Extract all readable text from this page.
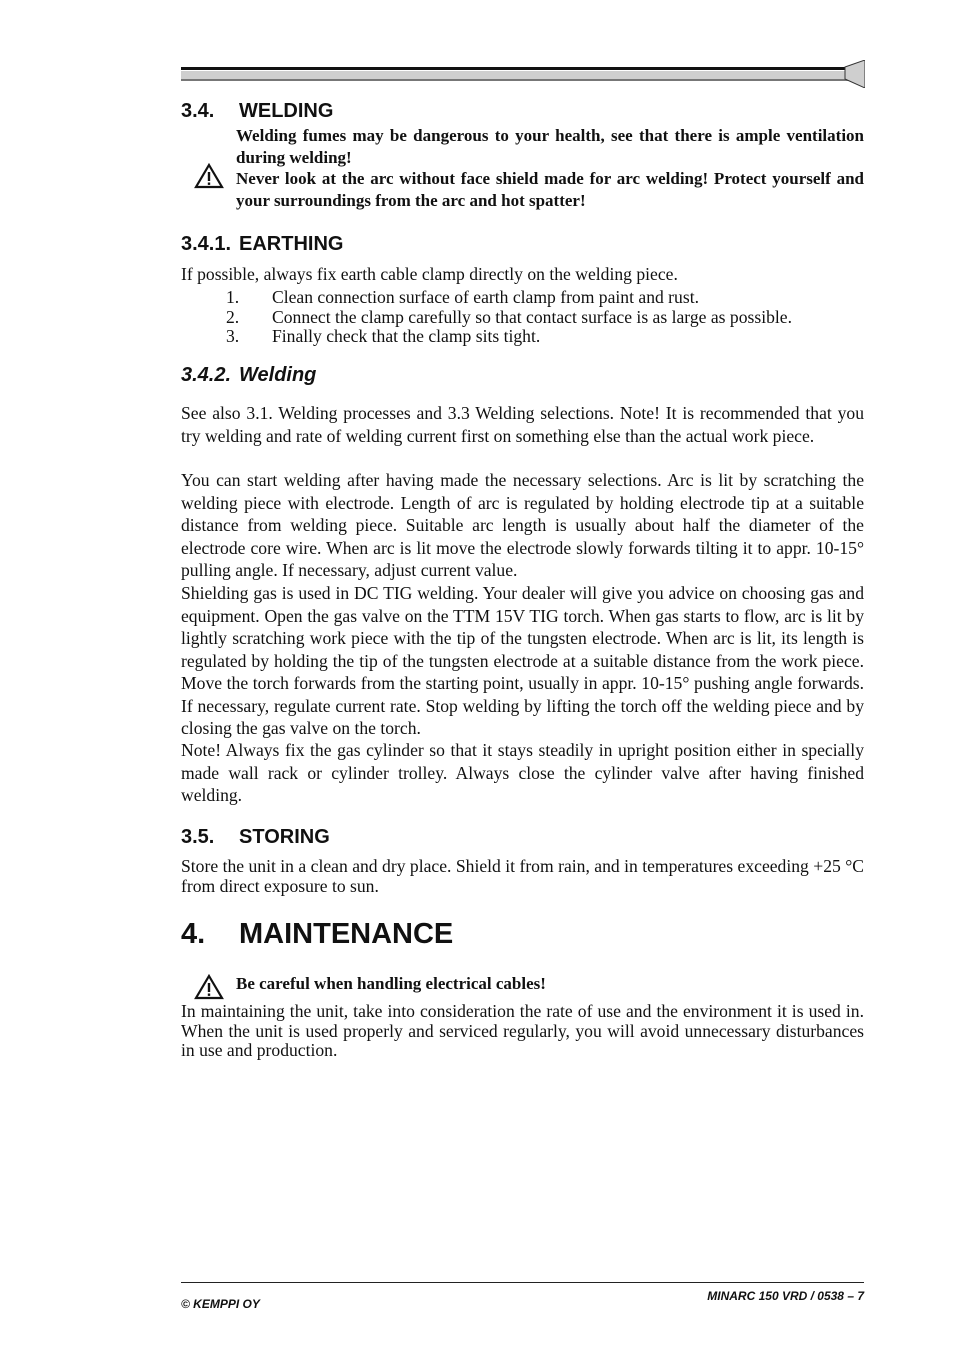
3.4. WELDING

Welding fumes may be dangerous to your health, see that there is ample ventilation during welding!

Never look at the arc without face shield made for arc welding! Protect yourself and your surroundings from the arc and hot spatter!

3.4.1. EARTHING

If possible, always fix earth cable clamp directly on the welding piece.

1. Clean connection surface of earth clamp from paint and rust.
2. Connect the clamp carefully so that contact surface is as large as possible.
3. Finally check that the clamp sits tight.
3.4.2. Welding

See also 3.1. Welding processes and 3.3 Welding selections. Note! It is recommended that you try welding and rate of welding current first on something else than the actual work piece.

You can start welding after having made the necessary selections. Arc is lit by scratching the welding piece with electrode. Length of arc is regulated by holding electrode tip at a suitable distance from welding piece. Suitable arc length is usually about half the diameter of the electrode core wire. When arc is lit move the electrode slowly forwards tilting it to appr. 10-15° pulling angle. If necessary, adjust current value.

Shielding gas is used in DC TIG welding. Your dealer will give you advice on choosing gas and equipment. Open the gas valve on the TTM 15V TIG torch. When gas starts to flow, arc is lit by lightly scratching work piece with the tip of the tungsten electrode. When arc is lit, its length is regulated by holding the tip of the tungsten electrode at a suitable distance from the work piece. Move the torch forwards from the starting point, usually in appr. 10-15° pushing angle forwards. If necessary, regulate current rate. Stop welding by lifting the torch off the welding piece and by closing the gas valve on the torch.

Note! Always fix the gas cylinder so that it stays steadily in upright position either in specially made wall rack or cylinder trolley. Always close the cylinder valve after having finished welding.

3.5. STORING

Store the unit in a clean and dry place. Shield it from rain, and in temperatures exceeding +25 °C from direct exposure to sun.

4. MAINTENANCE

Be careful when handling electrical cables!

In maintaining the unit, take into consideration the rate of use and the environment it is used in. When the unit is used properly and serviced regularly, you will avoid unnecessary disturbances in use and production.

© KEMPPI OY
MINARC 150 VRD / 0538 – 7
